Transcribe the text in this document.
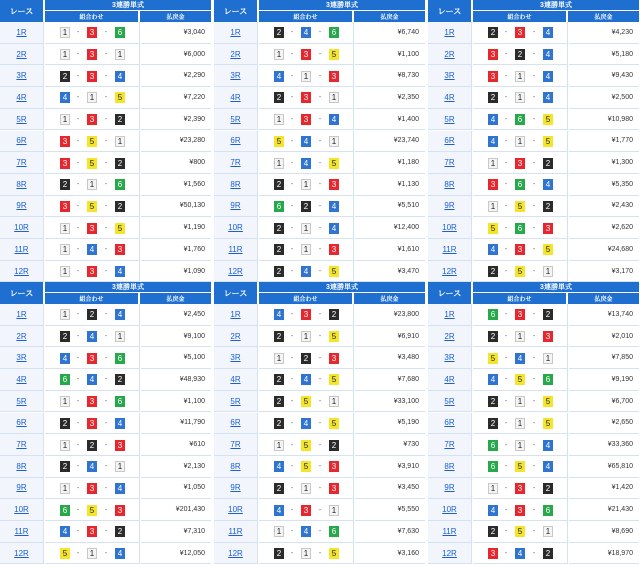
レース
3連勝単式
組合わせ	払戻金
1R	1	-	3	-	6	¥3,040
2R	1	-	3	-	1	¥6,000
3R	2	-	3	-	4	¥2,290
4R	4	-	1	-	5	¥7,220
5R	1	-	3	-	2	¥2,390
6R	3	-	5	-	1	¥23,280
7R	3	-	5	-	2	¥800
8R	2	-	1	-	6	¥1,560
9R	3	-	5	-	2	¥50,130
10R	1	-	3	-	5	¥1,190
11R	1	-	4	-	3	¥1,760
12R	1	-	3	-	4	¥1,090
レース
3連勝単式
組合わせ	払戻金
1R	2	-	4	-	6	¥6,740
2R	1	-	3	-	5	¥1,100
3R	4	-	1	-	3	¥8,730
4R	2	-	3	-	1	¥2,350
5R	1	-	3	-	4	¥1,400
6R	5	-	4	-	1	¥23,740
7R	1	-	4	-	5	¥1,180
8R	2	-	1	-	3	¥1,130
9R	6	-	2	-	4	¥5,510
10R	2	-	1	-	4	¥12,400
11R	2	-	1	-	3	¥1,610
12R	2	-	4	-	5	¥3,470
レース
3連勝単式
組合わせ	払戻金
1R	2	-	3	-	4	¥4,230
2R	3	-	2	-	4	¥5,180
3R	3	-	1	-	4	¥9,430
4R	2	-	1	-	4	¥2,500
5R	4	-	6	-	5	¥10,980
6R	4	-	1	-	5	¥1,770
7R	1	-	3	-	2	¥1,300
8R	3	-	6	-	4	¥5,350
9R	1	-	5	-	2	¥2,430
10R	5	-	6	-	3	¥2,620
11R	4	-	3	-	5	¥24,680
12R	2	-	5	-	1	¥3,170
レース
3連勝単式
組合わせ	払戻金
1R	1	-	2	-	4	¥2,450
2R	2	-	4	-	1	¥9,100
3R	4	-	3	-	6	¥5,100
4R	6	-	4	-	2	¥48,930
5R	1	-	3	-	6	¥1,100
6R	2	-	3	-	4	¥11,790
7R	1	-	2	-	3	¥610
8R	2	-	4	-	1	¥2,130
9R	1	-	3	-	4	¥1,050
10R	6	-	5	-	3	¥201,430
11R	4	-	3	-	2	¥7,310
12R	5	-	1	-	4	¥12,050
レース
3連勝単式
組合わせ	払戻金
1R	4	-	3	-	2	¥23,800
2R	2	-	1	-	5	¥6,910
3R	1	-	2	-	3	¥3,480
4R	2	-	4	-	5	¥7,680
5R	2	-	5	-	1	¥33,100
6R	2	-	4	-	5	¥5,190
7R	1	-	5	-	2	¥730
8R	4	-	5	-	3	¥3,910
9R	2	-	1	-	3	¥3,450
10R	4	-	3	-	1	¥5,550
11R	1	-	4	-	6	¥7,630
12R	2	-	1	-	5	¥3,160
レース
3連勝単式
組合わせ	払戻金
1R	6	-	3	-	2	¥13,740
2R	2	-	1	-	3	¥2,010
3R	5	-	4	-	1	¥7,850
4R	4	-	5	-	6	¥9,190
5R	2	-	1	-	5	¥6,700
6R	2	-	1	-	5	¥2,650
7R	6	-	1	-	4	¥33,360
8R	6	-	5	-	4	¥65,810
9R	1	-	3	-	2	¥1,420
10R	4	-	3	-	6	¥21,430
11R	2	-	5	-	1	¥8,690
12R	3	-	4	-	2	¥18,970
